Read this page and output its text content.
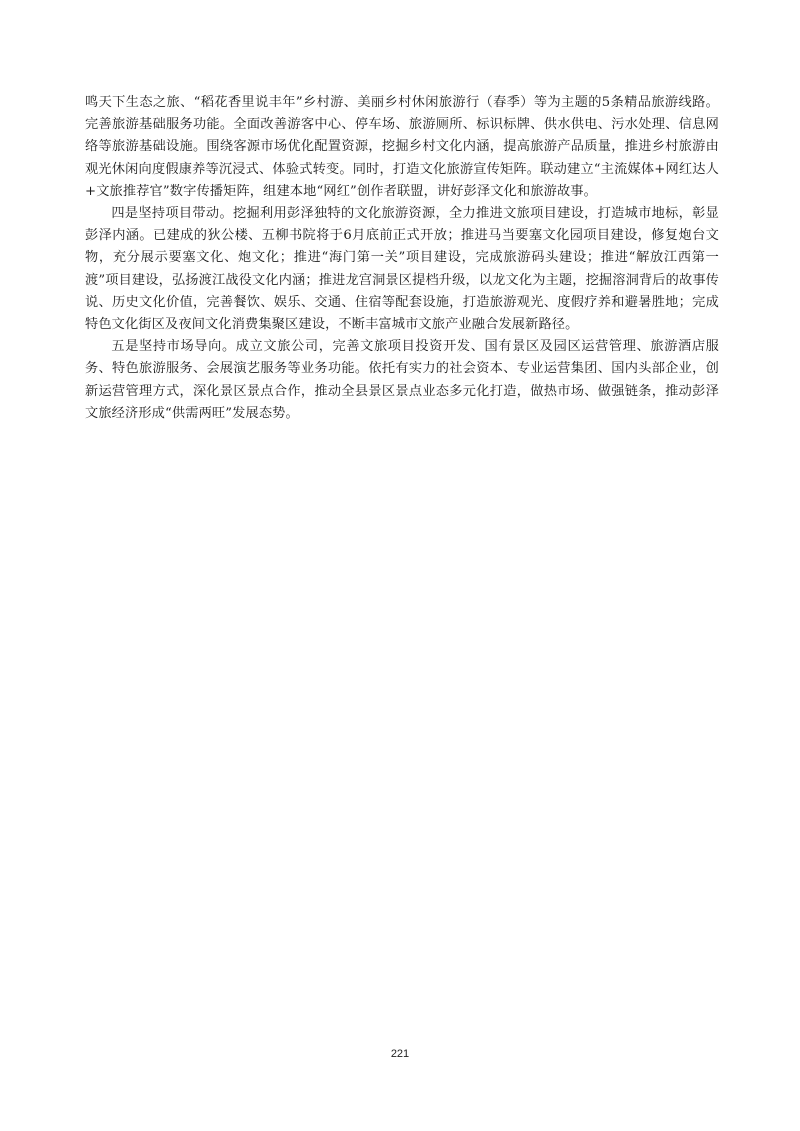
鸣天下生态之旅、“稻花香里说丰年”乡村游、美丽乡村休闲旅游行（春季）等为主题的5条精品旅游线路。完善旅游基础服务功能。全面改善游客中心、停车场、旅游厕所、标识标牌、供水供电、污水处理、信息网络等旅游基础设施。围绕客源市场优化配置资源，挖掘乡村文化内涵，提高旅游产品质量，推进乡村旅游由观光休闲向度假康养等沉浸式、体验式转变。同时，打造文化旅游宣传矩阵。联动建立“主流媒体+网红达人+文旅推荐官”数字传播矩阵，组建本地“网红”创作者联盟，讲好彭泽文化和旅游故事。

四是坚持项目带动。挖掘利用彭泽独特的文化旅游资源，全力推进文旅项目建设，打造城市地标，彰显彭泽内涵。已建成的狄公楼、五柳书院将于6月底前正式开放；推进马当要塞文化园项目建设，修复炮台文物，充分展示要塞文化、炮文化；推进“海门第一关”项目建设，完成旅游码头建设；推进“解放江西第一渡”项目建设，弘扬渡江战役文化内涵；推进龙宫洞景区提档升级，以龙文化为主题，挖掘溶洞背后的故事传说、历史文化价值，完善餐饮、娱乐、交通、住宿等配套设施，打造旅游观光、度假疗养和避暑胜地；完成特色文化街区及夜间文化消费集聚区建设，不断丰富城市文旅产业融合发展新路径。

五是坚持市场导向。成立文旅公司，完善文旅项目投资开发、国有景区及园区运营管理、旅游酒店服务、特色旅游服务、会展演艺服务等业务功能。依托有实力的社会资本、专业运营集团、国内头部企业，创新运营管理方式，深化景区景点合作，推动全县景区景点业态多元化打造，做热市场、做强链条，推动彭泽文旅经济形成“供需两旺”发展态势。

221
